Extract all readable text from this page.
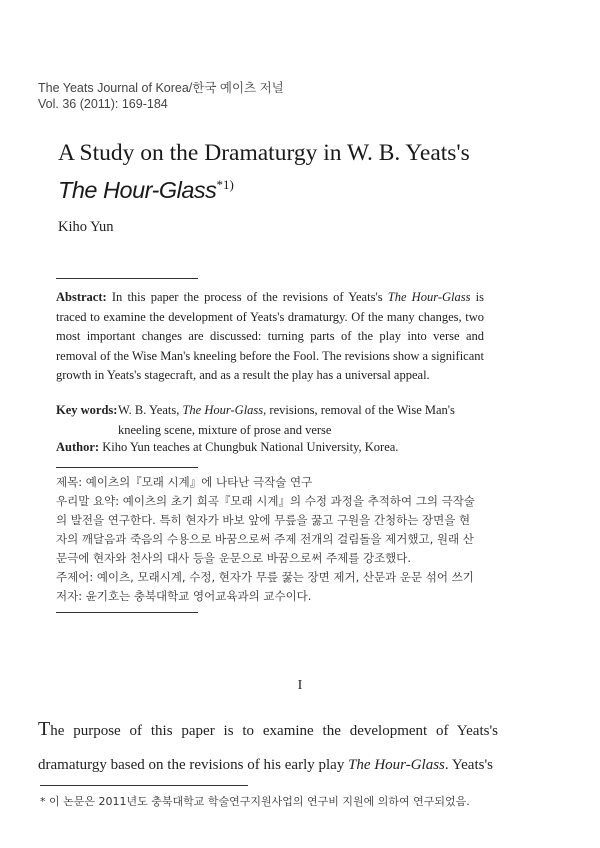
The Yeats Journal of Korea/한국 예이츠 저널
Vol. 36 (2011): 169-184
A Study on the Dramaturgy in W. B. Yeats's
The Hour-Glass$^{*1)}$
Kiho Yun
Abstract: In this paper the process of the revisions of Yeats's The Hour-Glass is traced to examine the development of Yeats's dramaturgy. Of the many changes, two most important changes are discussed: turning parts of the play into verse and removal of the Wise Man's kneeling before the Fool. The revisions show a significant growth in Yeats's stagecraft, and as a result the play has a universal appeal.
Key words: W. B. Yeats, The Hour-Glass, revisions, removal of the Wise Man's kneeling scene, mixture of prose and verse
Author: Kiho Yun teaches at Chungbuk National University, Korea.
제목: 예이츠의『모래 시계』에 나타난 극작술 연구
우리말 요약: 예이츠의 초기 희곡『모래 시계』의 수정 과정을 추적하여 그의 극작술
의 발전을 연구한다. 특히 현자가 바보 앞에 무릎을 꿇고 구원을 간청하는 장면을 현
자의 깨달음과 죽음의 수용으로 바꿈으로써 주제 전개의 걸림돌을 제거했고, 원래 산
문극에 현자와 천사의 대사 등을 운문으로 바꿈으로써 주제를 강조했다.
주제어: 예이츠, 모래시계, 수정, 현자가 무릎 꿇는 장면 제거, 산문과 운문 섞어 쓰기
저자: 윤기호는 충북대학교 영어교육과의 교수이다.
I
The purpose of this paper is to examine the development of Yeats's dramaturgy based on the revisions of his early play The Hour-Glass. Yeats's
* 이 논문은 2011년도 충북대학교 학술연구지원사업의 연구비 지원에 의하여 연구되었음.
